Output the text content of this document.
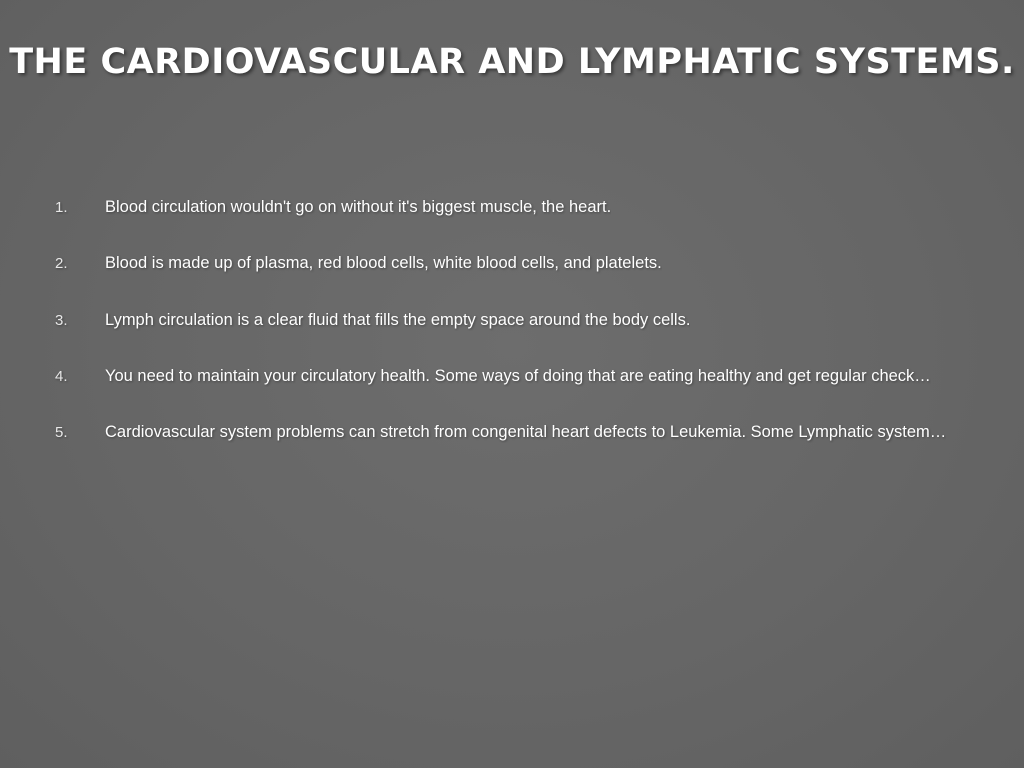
THE CARDIOVASCULAR AND LYMPHATIC SYSTEMS.
1.	Blood circulation wouldn't go on without it's biggest muscle, the heart.
2.	Blood is made up of plasma, red blood cells, white blood cells, and platelets.
3.	Lymph circulation is a clear fluid that fills the empty space around the body cells.
4.	You need to maintain your circulatory health. Some ways of doing that are eating healthy and get regular check…
5.	Cardiovascular system problems can stretch from congenital heart defects to Leukemia. Some Lymphatic system…
